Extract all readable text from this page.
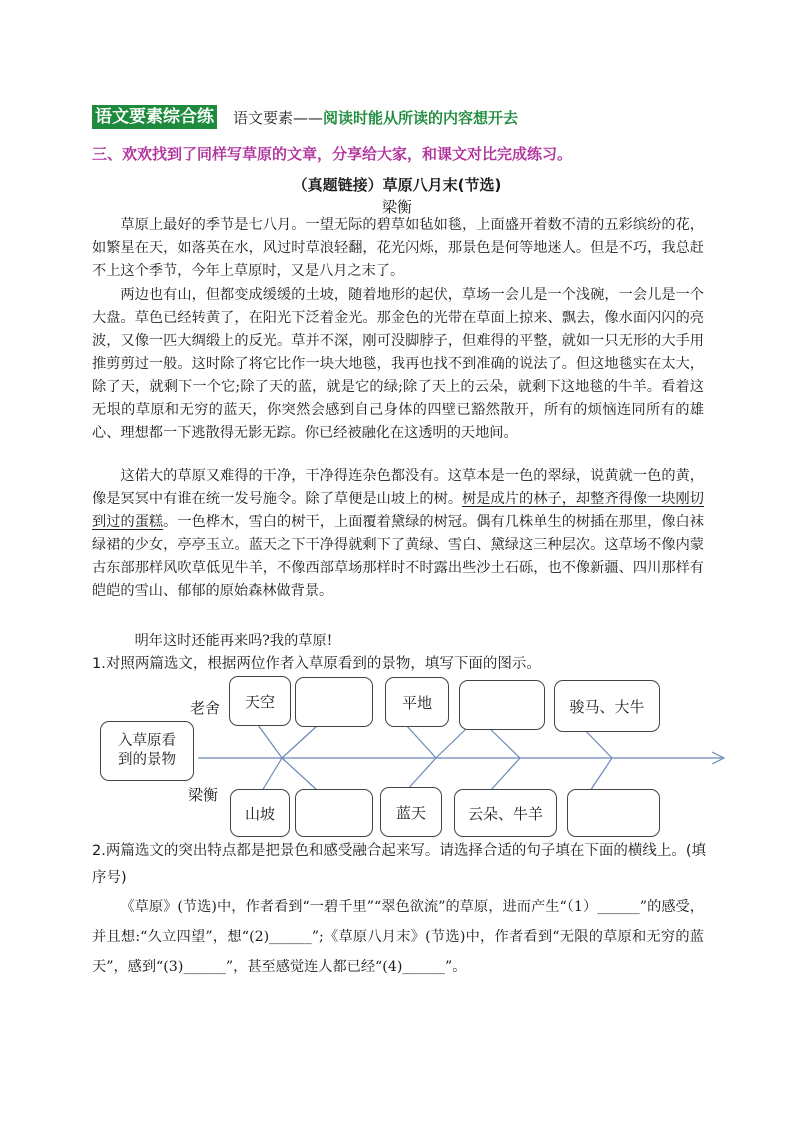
语文要素综合练 语文要素——阅读时能从所读的内容想开去
三、欢欢找到了同样写草原的文章，分享给大家，和课文对比完成练习。
（真题链接）草原八月末(节选)
梁衡

草原上最好的季节是七八月。一望无际的碧草如毡如毯，上面盛开着数不清的五彩缤纷的花，如繁星在天，如落英在水，风过时草浪轻翻，花光闪烁，那景色是何等地迷人。但是不巧，我总赶不上这个季节，今年上草原时，又是八月之末了。

两边也有山，但都变成缓缓的土坡，随着地形的起伏，草场一会儿是一个浅碗，一会儿是一个大盘。草色已经转黄了，在阳光下泛着金光。那金色的光带在草面上掠来、飘去，像水面闪闪的亮波，又像一匹大绸缎上的反光。草并不深，刚可没脚脖子，但难得的平整，就如一只无形的大手用推剪剪过一般。这时除了将它比作一块大地毯，我再也找不到准确的说法了。但这地毯实在太大，除了天，就剩下一个它;除了天的蓝，就是它的绿;除了天上的云朵，就剩下这地毯的牛羊。看着这无垠的草原和无穷的蓝天，你突然会感到自己身体的四壁已豁然散开，所有的烦恼连同所有的雄心、理想都一下逃散得无影无踪。你已经被融化在这透明的天地间。

这偌大的草原又难得的干净，干净得连杂色都没有。这草本是一色的翠绿，说黄就一色的黄，像是冥冥中有谁在统一发号施令。除了草便是山坡上的树。树是成片的林子，却整齐得像一块刚切到过的蛋糕。一色桦木，雪白的树干，上面覆着黛绿的树冠。偶有几株单生的树插在那里，像白袜绿裙的少女，亭亭玉立。蓝天之下干净得就剩下了黄绿、雪白、黛绿这三种层次。这草场不像内蒙古东部那样风吹草低见牛羊，不像西部草场那样时不时露出些沙土石砾，也不像新疆、四川那样有皑皑的雪山、郁郁的原始森林做背景。

明年这时还能再来吗?我的草原!

1.对照两篇选文，根据两位作者入草原看到的景物，填写下面的图示。

入草原看到的景物
老舍
梁衡
天空	平地	骏马、大牛
山坡	蓝天	云朵、牛羊

2.两篇选文的突出特点都是把景色和感受融合起来写。请选择合适的句子填在下面的横线上。(填序号)

《草原》(节选)中，作者看到“一碧千里”“翠色欲流”的草原，进而产生“（1）______”的感受，并且想:“久立四望”，想“(2)______”;《草原八月末》(节选)中，作者看到“无限的草原和无穷的蓝天”，感到“(3)______”，甚至感觉连人都已经“(4)______”。
